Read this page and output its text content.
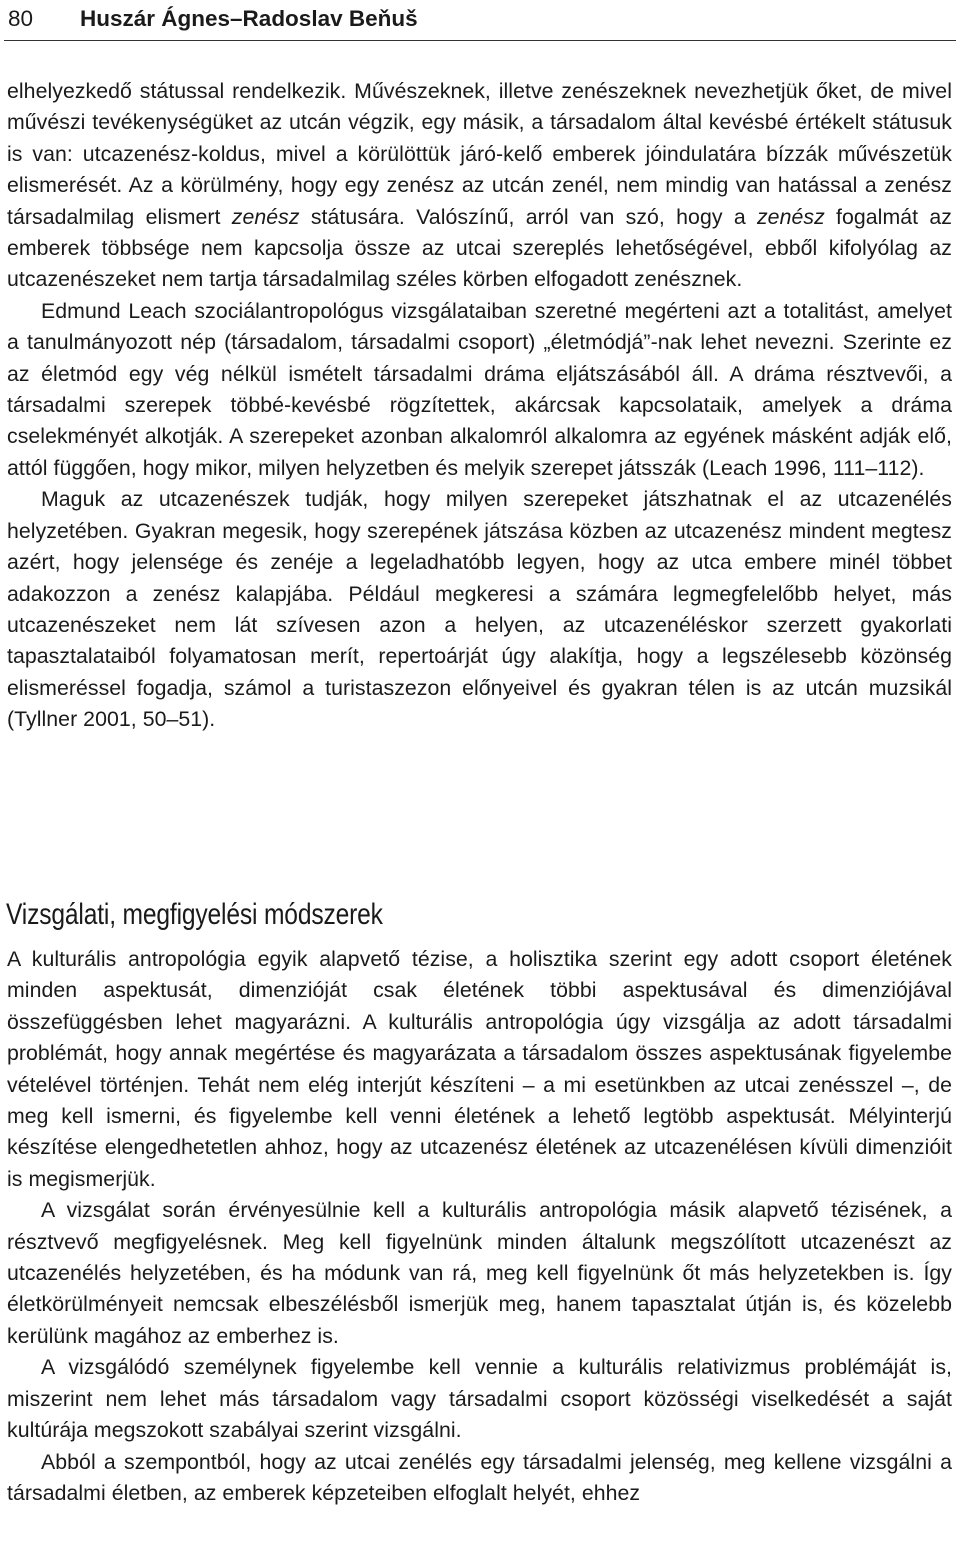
80 Huszár Ágnes–Radoslav Beňuš

elhelyezkedő státussal rendelkezik. Művészeknek, illetve zenészeknek nevezhetjük őket, de mivel művészi tevékenységüket az utcán végzik, egy másik, a társadalom által kevésbé értékelt státusuk is van: utcazenész-koldus, mivel a körülöttük járó-kelő emberek jóindulatára bízzák művészetük elismerését. Az a körülmény, hogy egy zenész az utcán zenél, nem mindig van hatással a zenész társadalmilag elismert zenész státusára. Valószínű, arról van szó, hogy a zenész fogalmát az emberek többsége nem kapcsolja össze az utcai szereplés lehetőségével, ebből kifolyólag az utcazenészeket nem tartja társadalmilag széles körben elfogadott zenésznek.

Edmund Leach szociálantropológus vizsgálataiban szeretné megérteni azt a totalitást, amelyet a tanulmányozott nép (társadalom, társadalmi csoport) „életmódjá”-nak lehet nevezni. Szerinte ez az életmód egy vég nélkül ismételt társadalmi dráma eljátszásából áll. A dráma résztvevői, a társadalmi szerepek többé-kevésbé rögzítettek, akárcsak kapcsolataik, amelyek a dráma cselekményét alkotják. A szerepeket azonban alkalomról alkalomra az egyének másként adják elő, attól függően, hogy mikor, milyen helyzetben és melyik szerepet játsszák (Leach 1996, 111–112).

Maguk az utcazenészek tudják, hogy milyen szerepeket játszhatnak el az utcazenélés helyzetében. Gyakran megesik, hogy szerepének játszása közben az utcazenész mindent megtesz azért, hogy jelensége és zenéje a legeladhatóbb legyen, hogy az utca embere minél többet adakozzon a zenész kalapjába. Például megkeresi a számára legmegfelelőbb helyet, más utcazenészeket nem lát szívesen azon a helyen, az utcazenéléskor szerzett gyakorlati tapasztalataiból folyamatosan merít, repertoárját úgy alakítja, hogy a legszélesebb közönség elismeréssel fogadja, számol a turistaszezon előnyeivel és gyakran télen is az utcán muzsikál (Tyllner 2001, 50–51).

Vizsgálati, megfigyelési módszerek

A kulturális antropológia egyik alapvető tézise, a holisztika szerint egy adott csoport életének minden aspektusát, dimenzióját csak életének többi aspektusával és dimenziójával összefüggésben lehet magyarázni. A kulturális antropológia úgy vizsgálja az adott társadalmi problémát, hogy annak megértése és magyarázata a társadalom összes aspektusának figyelembe vételével történjen. Tehát nem elég interjút készíteni – a mi esetünkben az utcai zenésszel –, de meg kell ismerni, és figyelembe kell venni életének a lehető legtöbb aspektusát. Mélyinterjú készítése elengedhetetlen ahhoz, hogy az utcazenész életének az utcazenélésen kívüli dimenzióit is megismerjük.

A vizsgálat során érvényesülnie kell a kulturális antropológia másik alapvető tézisének, a résztvevő megfigyelésnek. Meg kell figyelnünk minden általunk megszólított utcazenészt az utcazenélés helyzetében, és ha módunk van rá, meg kell figyelnünk őt más helyzetekben is. Így életkörülményeit nemcsak elbeszélésből ismerjük meg, hanem tapasztalat útján is, és közelebb kerülünk magához az emberhez is.

A vizsgálódó személynek figyelembe kell vennie a kulturális relativizmus problémáját is, miszerint nem lehet más társadalom vagy társadalmi csoport közösségi viselkedését a saját kultúrája megszokott szabályai szerint vizsgálni.

Abból a szempontból, hogy az utcai zenélés egy társadalmi jelenség, meg kellene vizsgálni a társadalmi életben, az emberek képzeteiben elfoglalt helyét, ehhez
